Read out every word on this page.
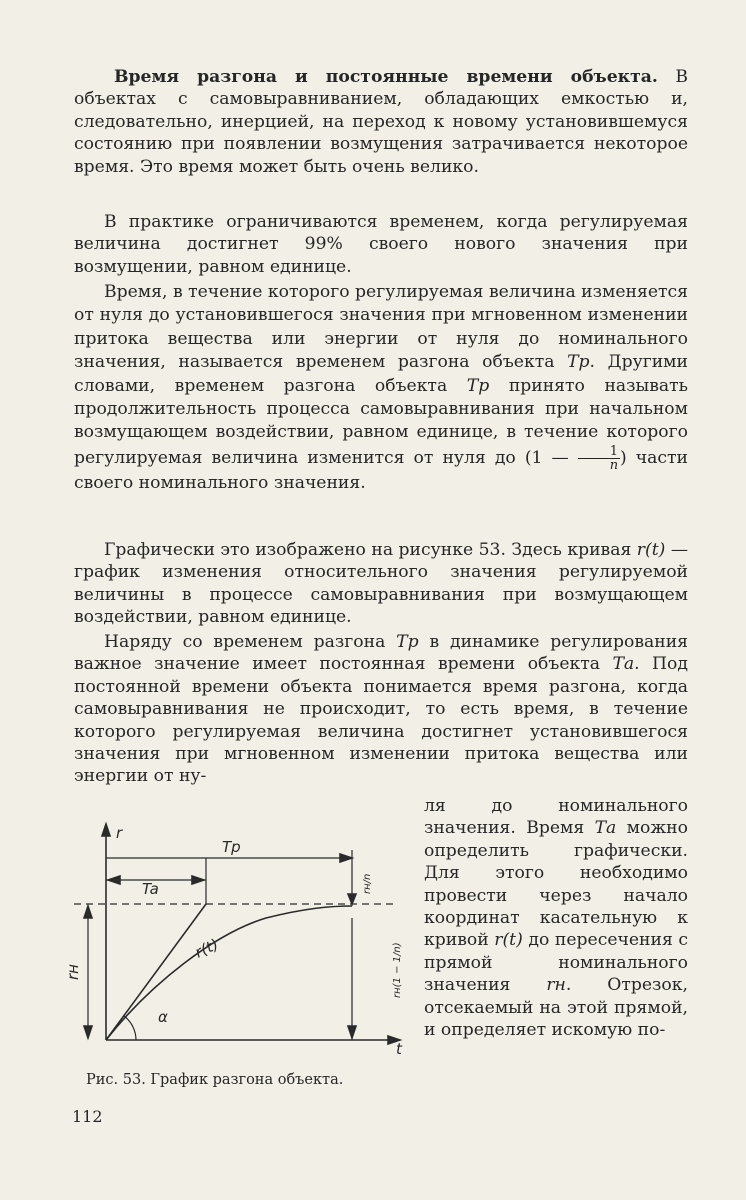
Время разгона и постоянные времени объекта. В объектах с самовыравниванием, обладающих емкостью и, следовательно, инерцией, на переход к новому установившемуся состоянию при появлении возмущения затрачивается некоторое время. Это время может быть очень велико.
В практике ограничиваются временем, когда регулируемая величина достигнет 99% своего нового значения при возмущении, равном единице.
Время, в течение которого регулируемая величина изменяется от нуля до установившегося значения при мгновенном изменении притока вещества или энергии от нуля до номинального значения, называется временем разгона объекта Tр. Другими словами, временем разгона объекта Tр принято называть продолжительность процесса самовыравнивания при начальном возмущающем воздействии, равном единице, в течение которого регулируемая величина изменится от нуля до (1 — $\frac{1}{n}$ ) части своего номинального значения.
Графически это изображено на рисунке 53. Здесь кривая r(t) — график изменения относительного значения регулируемой величины в процессе самовыравнивания при возмущающем воздействии, равном единице.
Наряду со временем разгона Tр в динамике регулирования важное значение имеет постоянная времени объекта Tа. Под постоянной времени объекта понимается время разгона, когда самовыравнивания не происходит, то есть время, в течение которого регулируемая величина достигнет установившегося значения при мгновенном изменении притока вещества или энергии от ну-
ля до номинального значения. Время Tа можно определить графически. Для этого необходимо провести через начало координат касательную к кривой r(t) до пересечения с прямой номинального значения rн. Отрезок, отсекаемый на этой прямой, и определяет искомую по-
r
t
Tp
Ta
r(t)
rн
α
rн/n
rн(1 − 1/n)
Рис. 53. График разгона объекта.
112
